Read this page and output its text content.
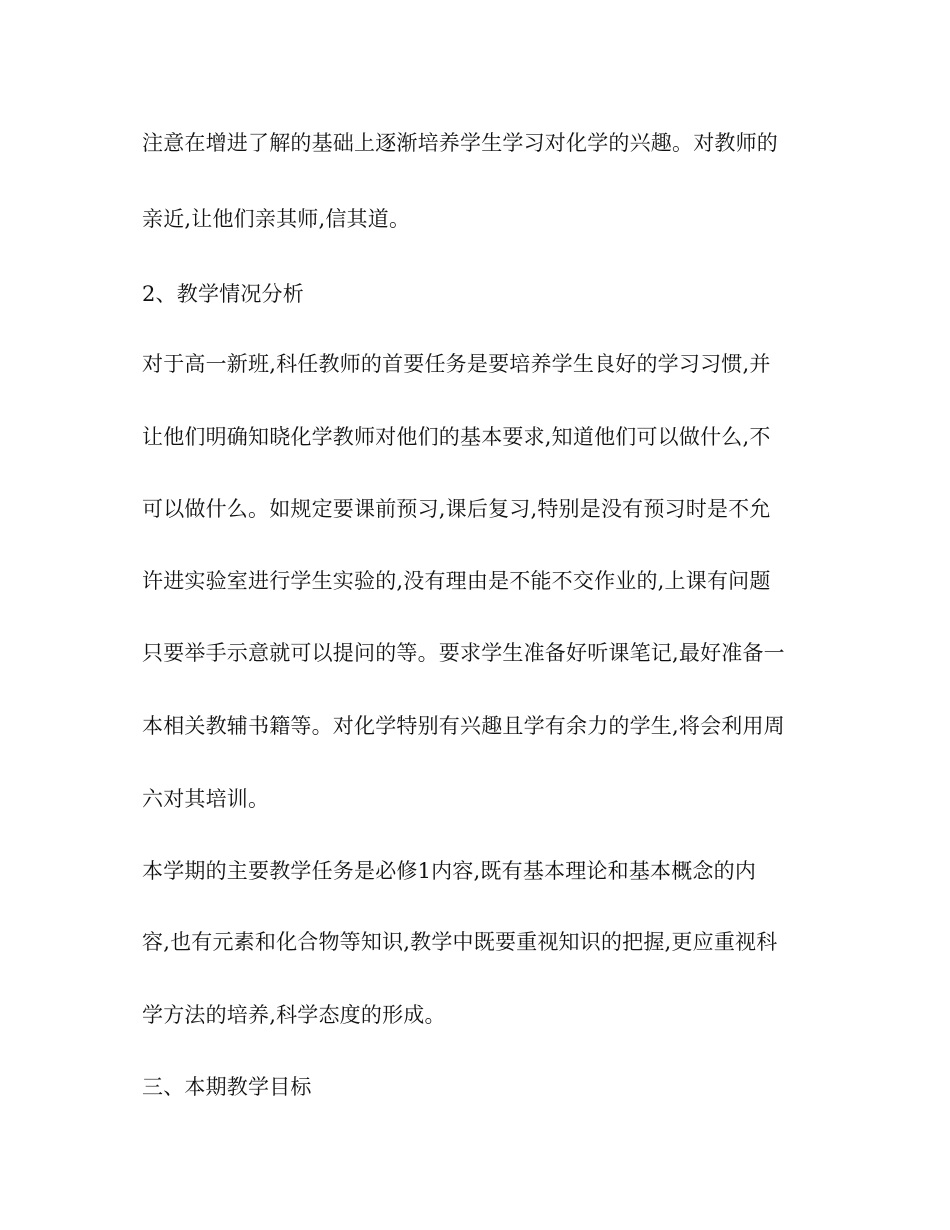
注意在增进了解的基础上逐渐培养学生学习对化学的兴趣。对教师的
亲近,让他们亲其师,信其道。
2、教学情况分析
对于高一新班,科任教师的首要任务是要培养学生良好的学习习惯,并
让他们明确知晓化学教师对他们的基本要求,知道他们可以做什么,不
可以做什么。如规定要课前预习,课后复习,特别是没有预习时是不允
许进实验室进行学生实验的,没有理由是不能不交作业的,上课有问题
只要举手示意就可以提问的等。要求学生准备好听课笔记,最好准备一
本相关教辅书籍等。对化学特别有兴趣且学有余力的学生,将会利用周
六对其培训。
本学期的主要教学任务是必修1内容,既有基本理论和基本概念的内
容,也有元素和化合物等知识,教学中既要重视知识的把握,更应重视科
学方法的培养,科学态度的形成。
三、本期教学目标
